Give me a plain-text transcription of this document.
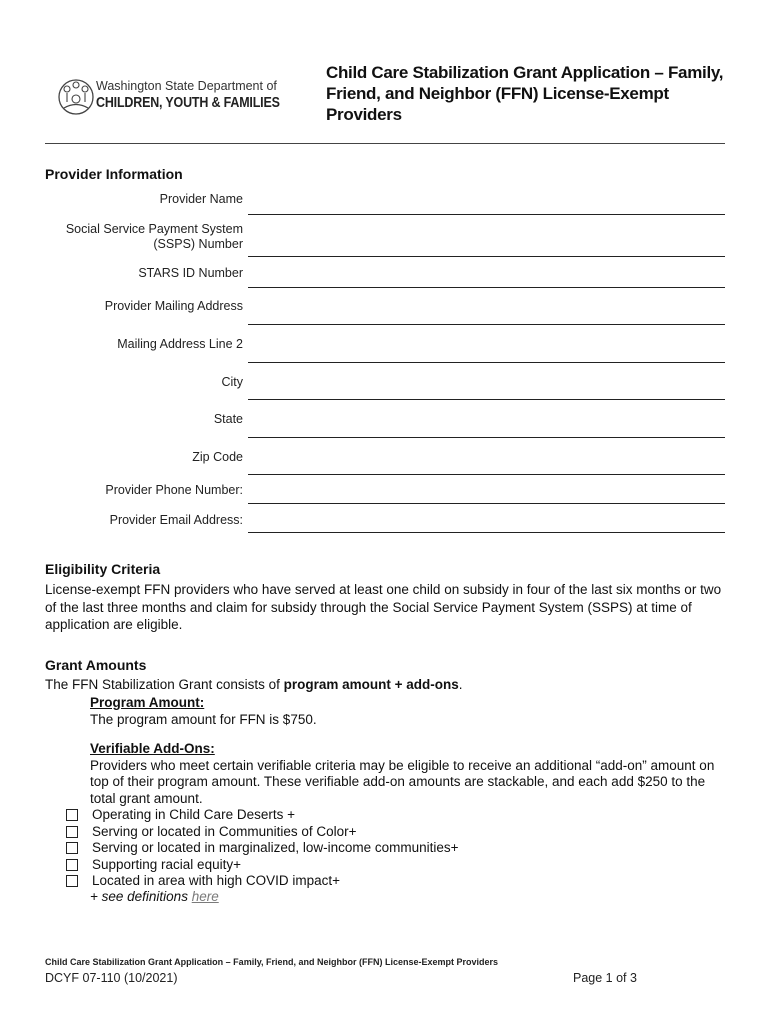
Washington State Department of
CHILDREN, YOUTH & FAMILIES
Child Care Stabilization Grant Application – Family, Friend, and Neighbor (FFN) License-Exempt Providers
Provider Information
Provider Name
Social Service Payment System
(SSPS) Number
STARS ID Number
Provider Mailing Address
Mailing Address Line 2
City
State
Zip Code
Provider Phone Number:
Provider Email Address:
Eligibility Criteria
License-exempt FFN providers who have served at least one child on subsidy in four of the last six months or two of the last three months and claim for subsidy through the Social Service Payment System (SSPS) at time of application are eligible.
Grant Amounts
The FFN Stabilization Grant consists of program amount + add-ons.
Program Amount:
The program amount for FFN is $750.
Verifiable Add-Ons:
Providers who meet certain verifiable criteria may be eligible to receive an additional “add-on” amount on top of their program amount. These verifiable add-on amounts are stackable, and each add $250 to the total grant amount.
Operating in Child Care Deserts +
Serving or located in Communities of Color+
Serving or located in marginalized, low-income communities+
Supporting racial equity+
Located in area with high COVID impact+
+ see definitions here
Child Care Stabilization Grant Application – Family, Friend, and Neighbor (FFN) License-Exempt Providers
DCYF 07-110 (10/2021)	Page 1 of 3
